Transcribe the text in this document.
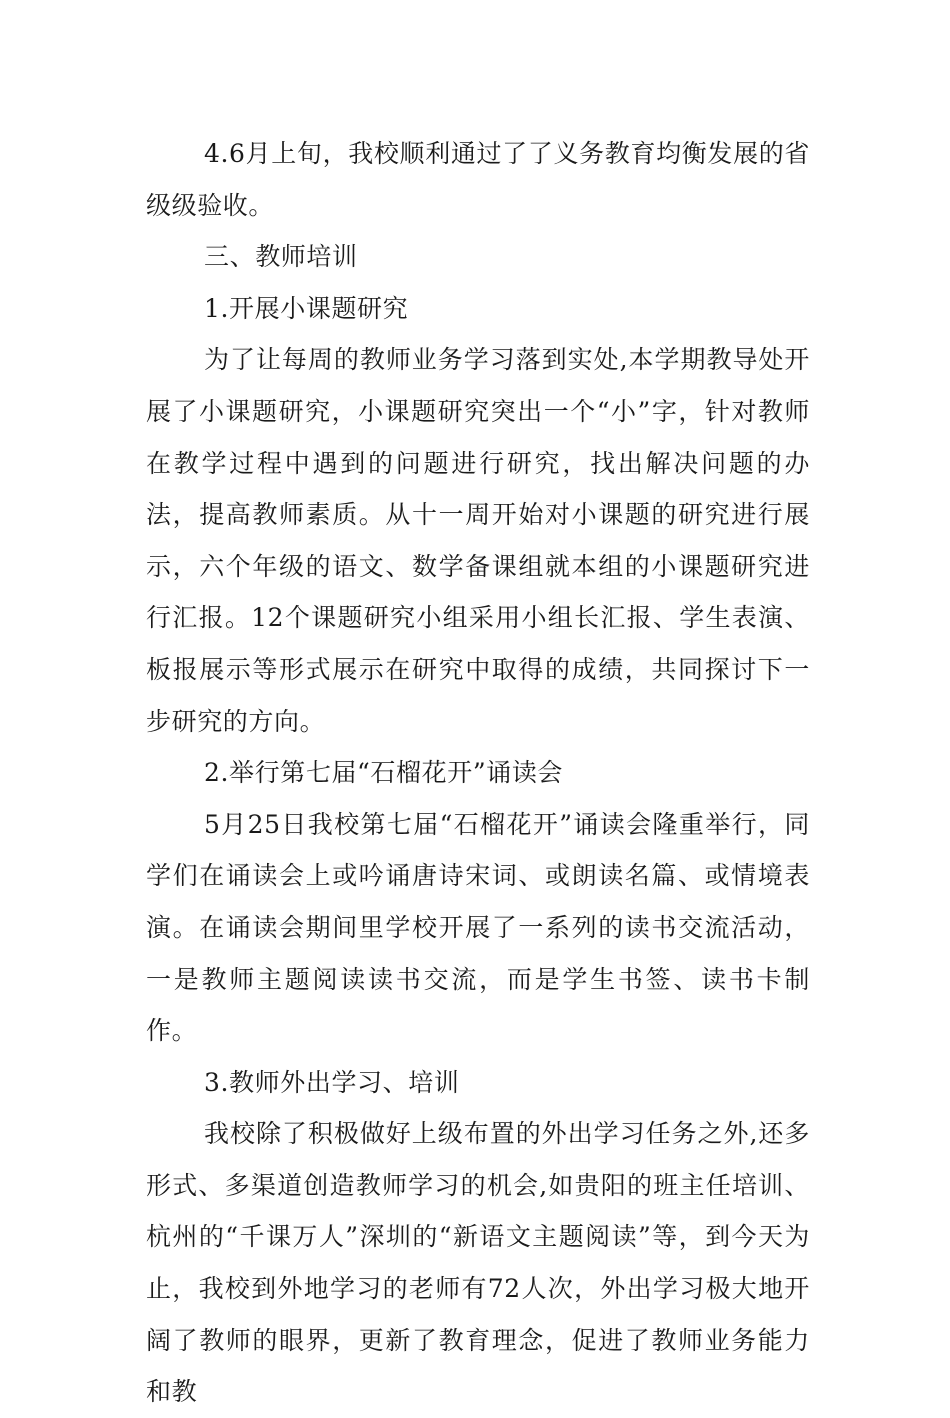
4.6月上旬，我校顺利通过了了义务教育均衡发展的省级级验收。

三、教师培训

1.开展小课题研究

为了让每周的教师业务学习落到实处,本学期教导处开展了小课题研究，小课题研究突出一个“小”字，针对教师在教学过程中遇到的问题进行研究，找出解决问题的办法，提高教师素质。从十一周开始对小课题的研究进行展示，六个年级的语文、数学备课组就本组的小课题研究进行汇报。12个课题研究小组采用小组长汇报、学生表演、板报展示等形式展示在研究中取得的成绩，共同探讨下一步研究的方向。

2.举行第七届“石榴花开”诵读会

5月25日我校第七届“石榴花开”诵读会隆重举行，同学们在诵读会上或吟诵唐诗宋词、或朗读名篇、或情境表演。在诵读会期间里学校开展了一系列的读书交流活动，一是教师主题阅读读书交流，而是学生书签、读书卡制作。

3.教师外出学习、培训

我校除了积极做好上级布置的外出学习任务之外,还多形式、多渠道创造教师学习的机会,如贵阳的班主任培训、杭州的“千课万人”深圳的“新语文主题阅读”等，到今天为止，我校到外地学习的老师有72人次，外出学习极大地开阔了教师的眼界，更新了教育理念，促进了教师业务能力和教
